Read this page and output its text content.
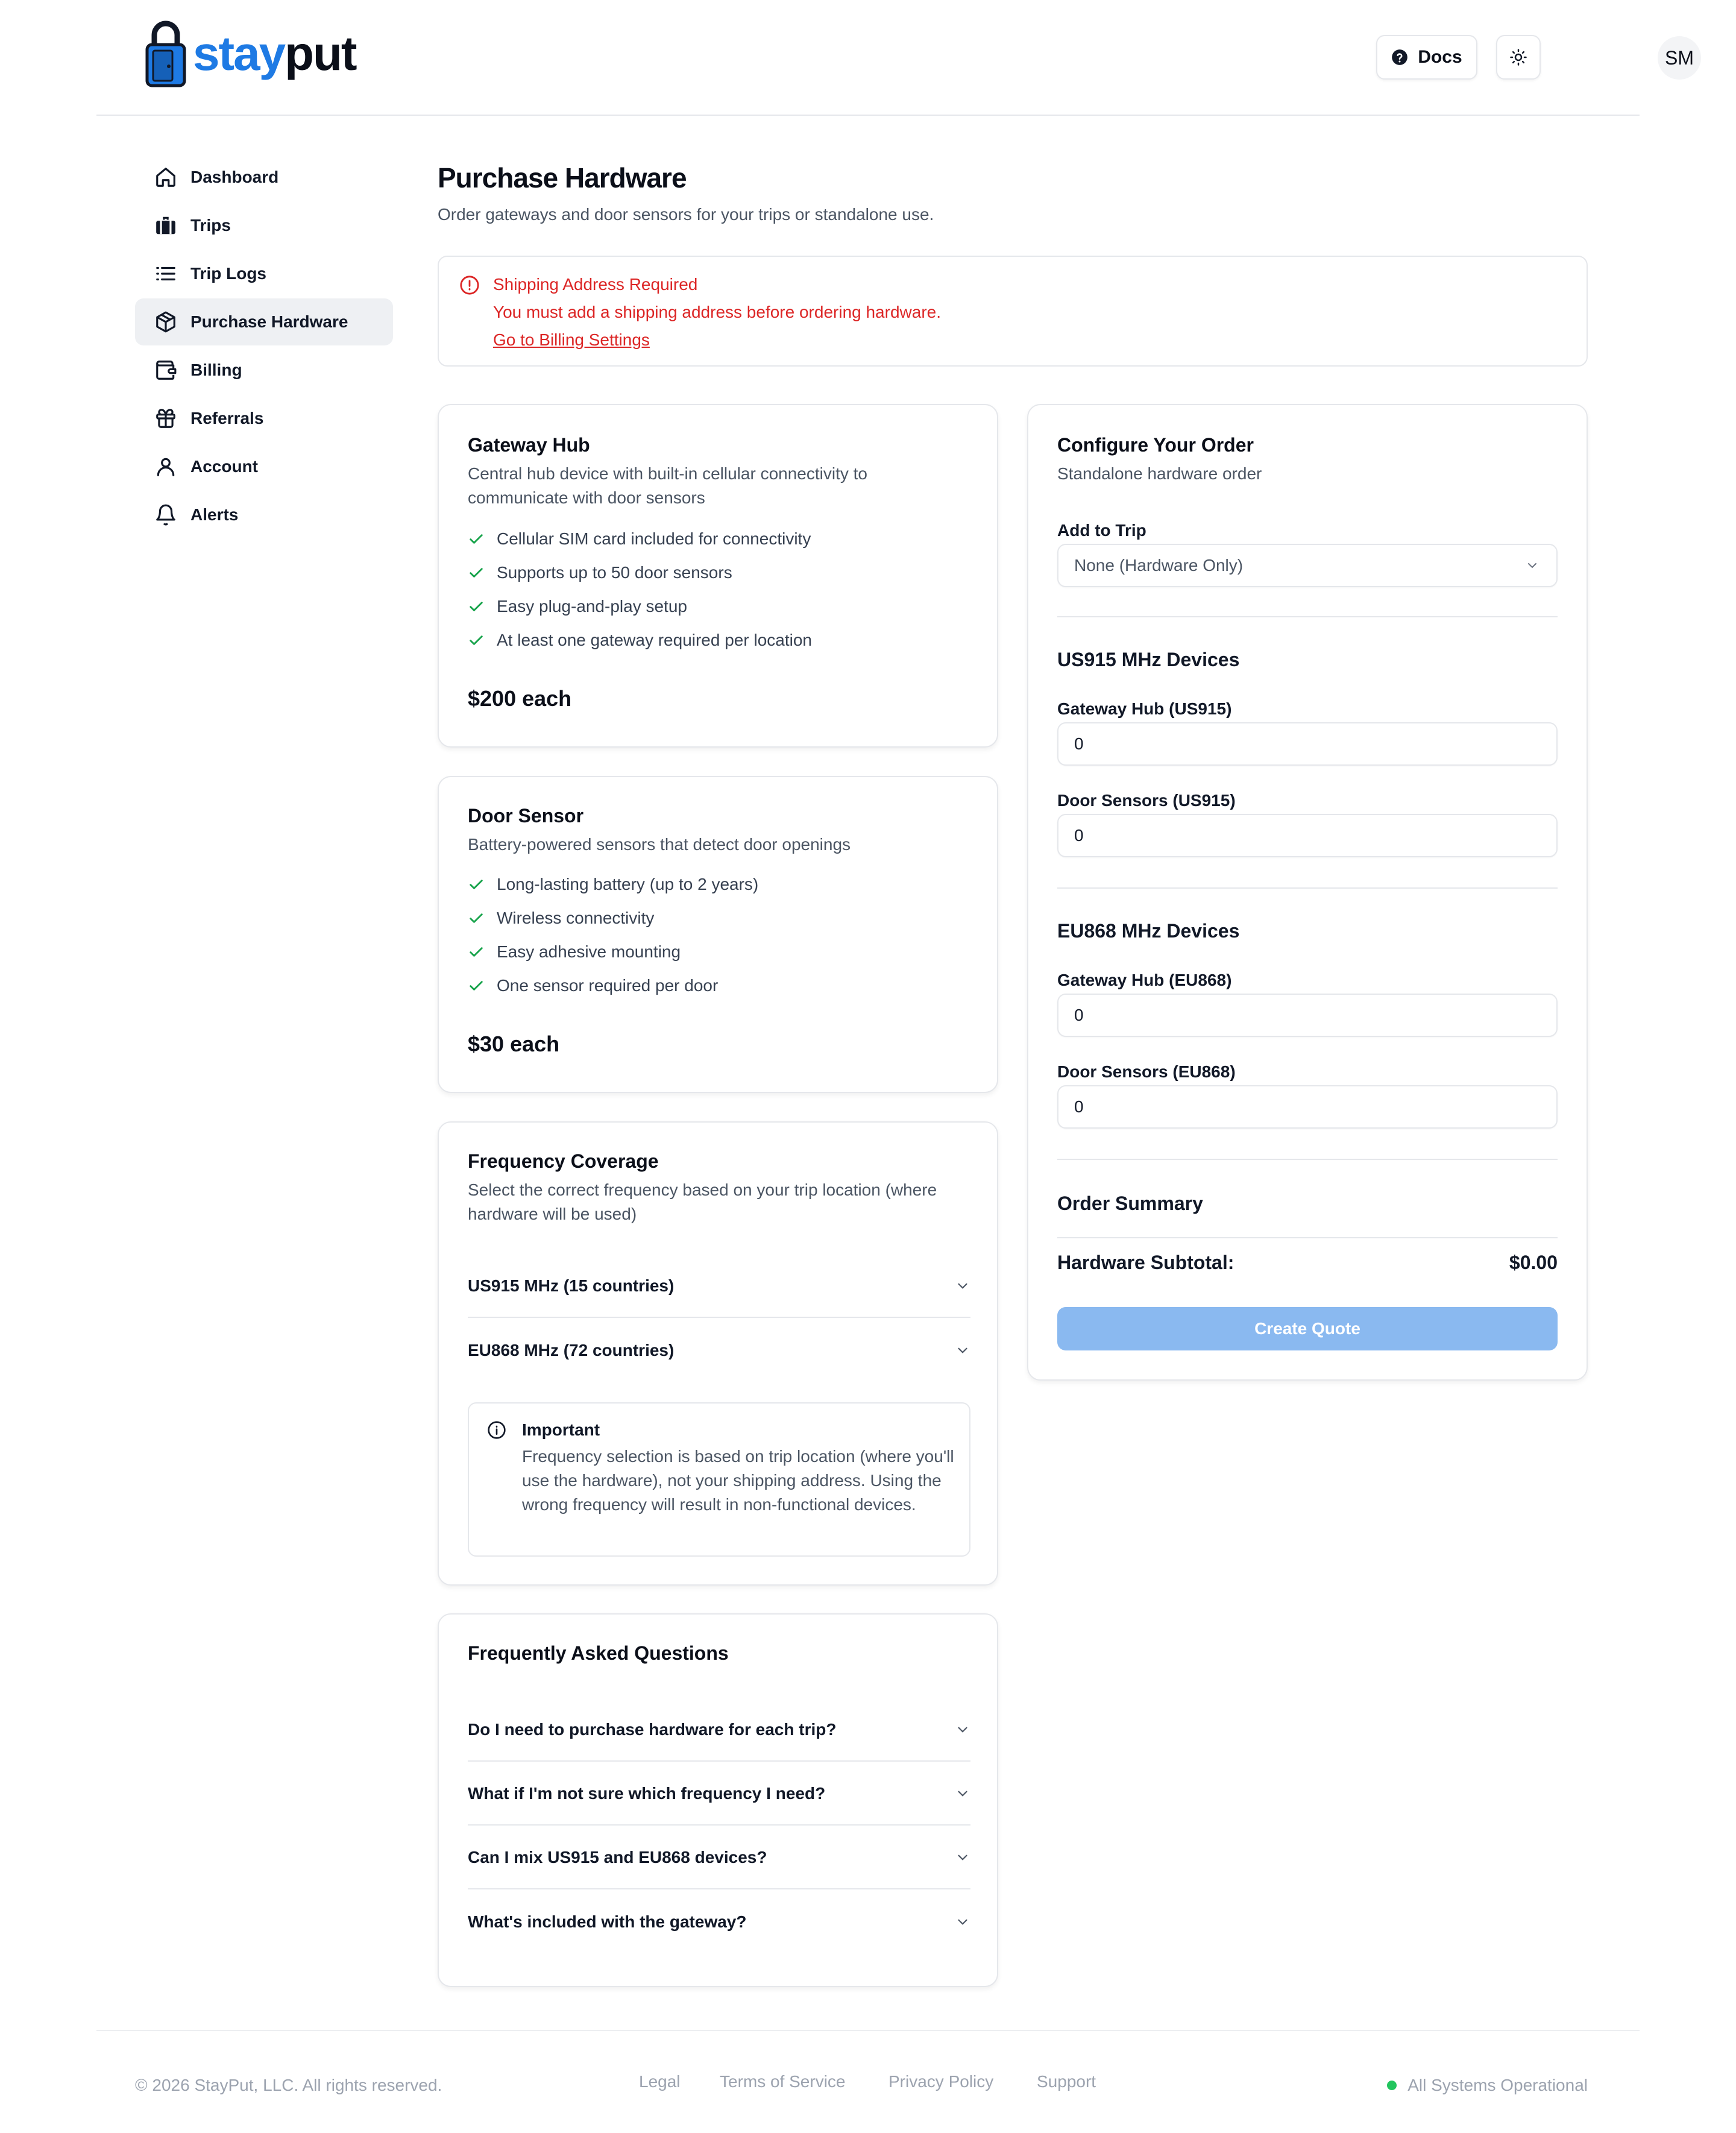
stayput	Docs	SM
Dashboard
Trips
Trip Logs
Purchase Hardware
Billing
Referrals
Account
Alerts
Purchase Hardware
Order gateways and door sensors for your trips or standalone use.
Shipping Address Required
You must add a shipping address before ordering hardware.
Go to Billing Settings
Gateway Hub
Central hub device with built-in cellular connectivity to communicate with door sensors
Cellular SIM card included for connectivity
Supports up to 50 door sensors
Easy plug-and-play setup
At least one gateway required per location
$200 each
Door Sensor
Battery-powered sensors that detect door openings
Long-lasting battery (up to 2 years)
Wireless connectivity
Easy adhesive mounting
One sensor required per door
$30 each
Frequency Coverage
Select the correct frequency based on your trip location (where hardware will be used)
US915 MHz (15 countries)
EU868 MHz (72 countries)
Important
Frequency selection is based on trip location (where you'll use the hardware), not your shipping address. Using the wrong frequency will result in non-functional devices.
Frequently Asked Questions
Do I need to purchase hardware for each trip?
What if I'm not sure which frequency I need?
Can I mix US915 and EU868 devices?
What's included with the gateway?
Configure Your Order
Standalone hardware order
Add to Trip
None (Hardware Only)
US915 MHz Devices
Gateway Hub (US915)
0
Door Sensors (US915)
0
EU868 MHz Devices
Gateway Hub (EU868)
0
Door Sensors (EU868)
0
Order Summary
Hardware Subtotal:	$0.00
Create Quote
© 2026 StayPut, LLC. All rights reserved.	Legal Terms of Service	Privacy Policy	Support	All Systems Operational
